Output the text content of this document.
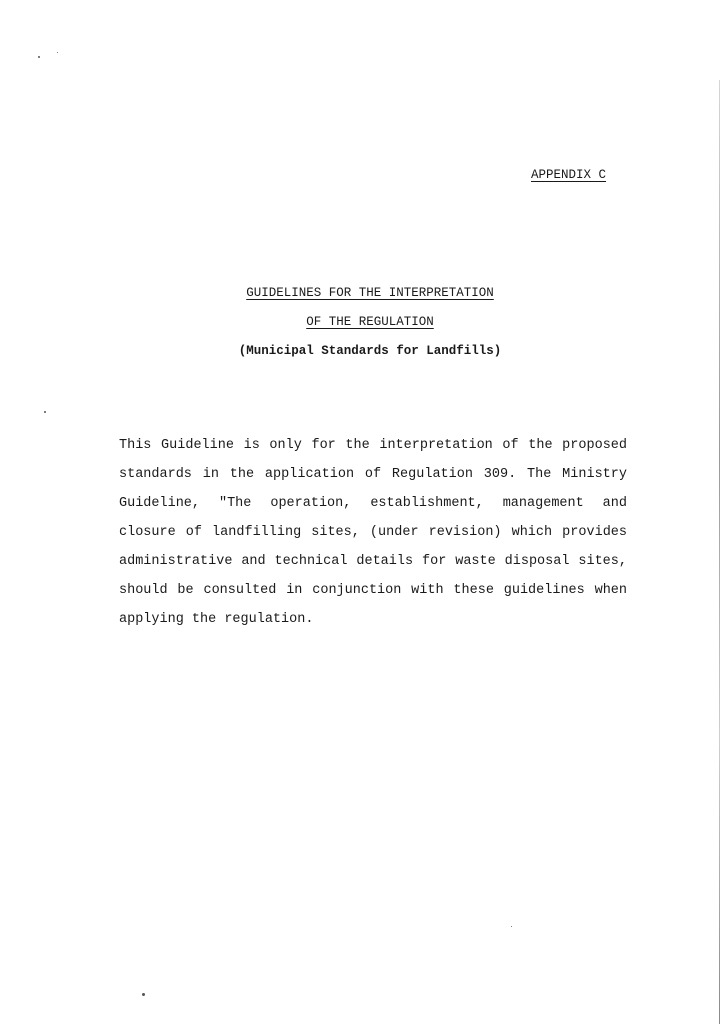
APPENDIX C
GUIDELINES FOR THE INTERPRETATION
OF THE REGULATION
(Municipal Standards for Landfills)

This Guideline is only for the interpretation of the proposed standards in the application of Regulation 309. The Ministry Guideline, "The operation, establishment, management and closure of landfilling sites, (under revision) which provides administrative and technical details for waste disposal sites, should be consulted in conjunction with these guidelines when applying the regulation.
